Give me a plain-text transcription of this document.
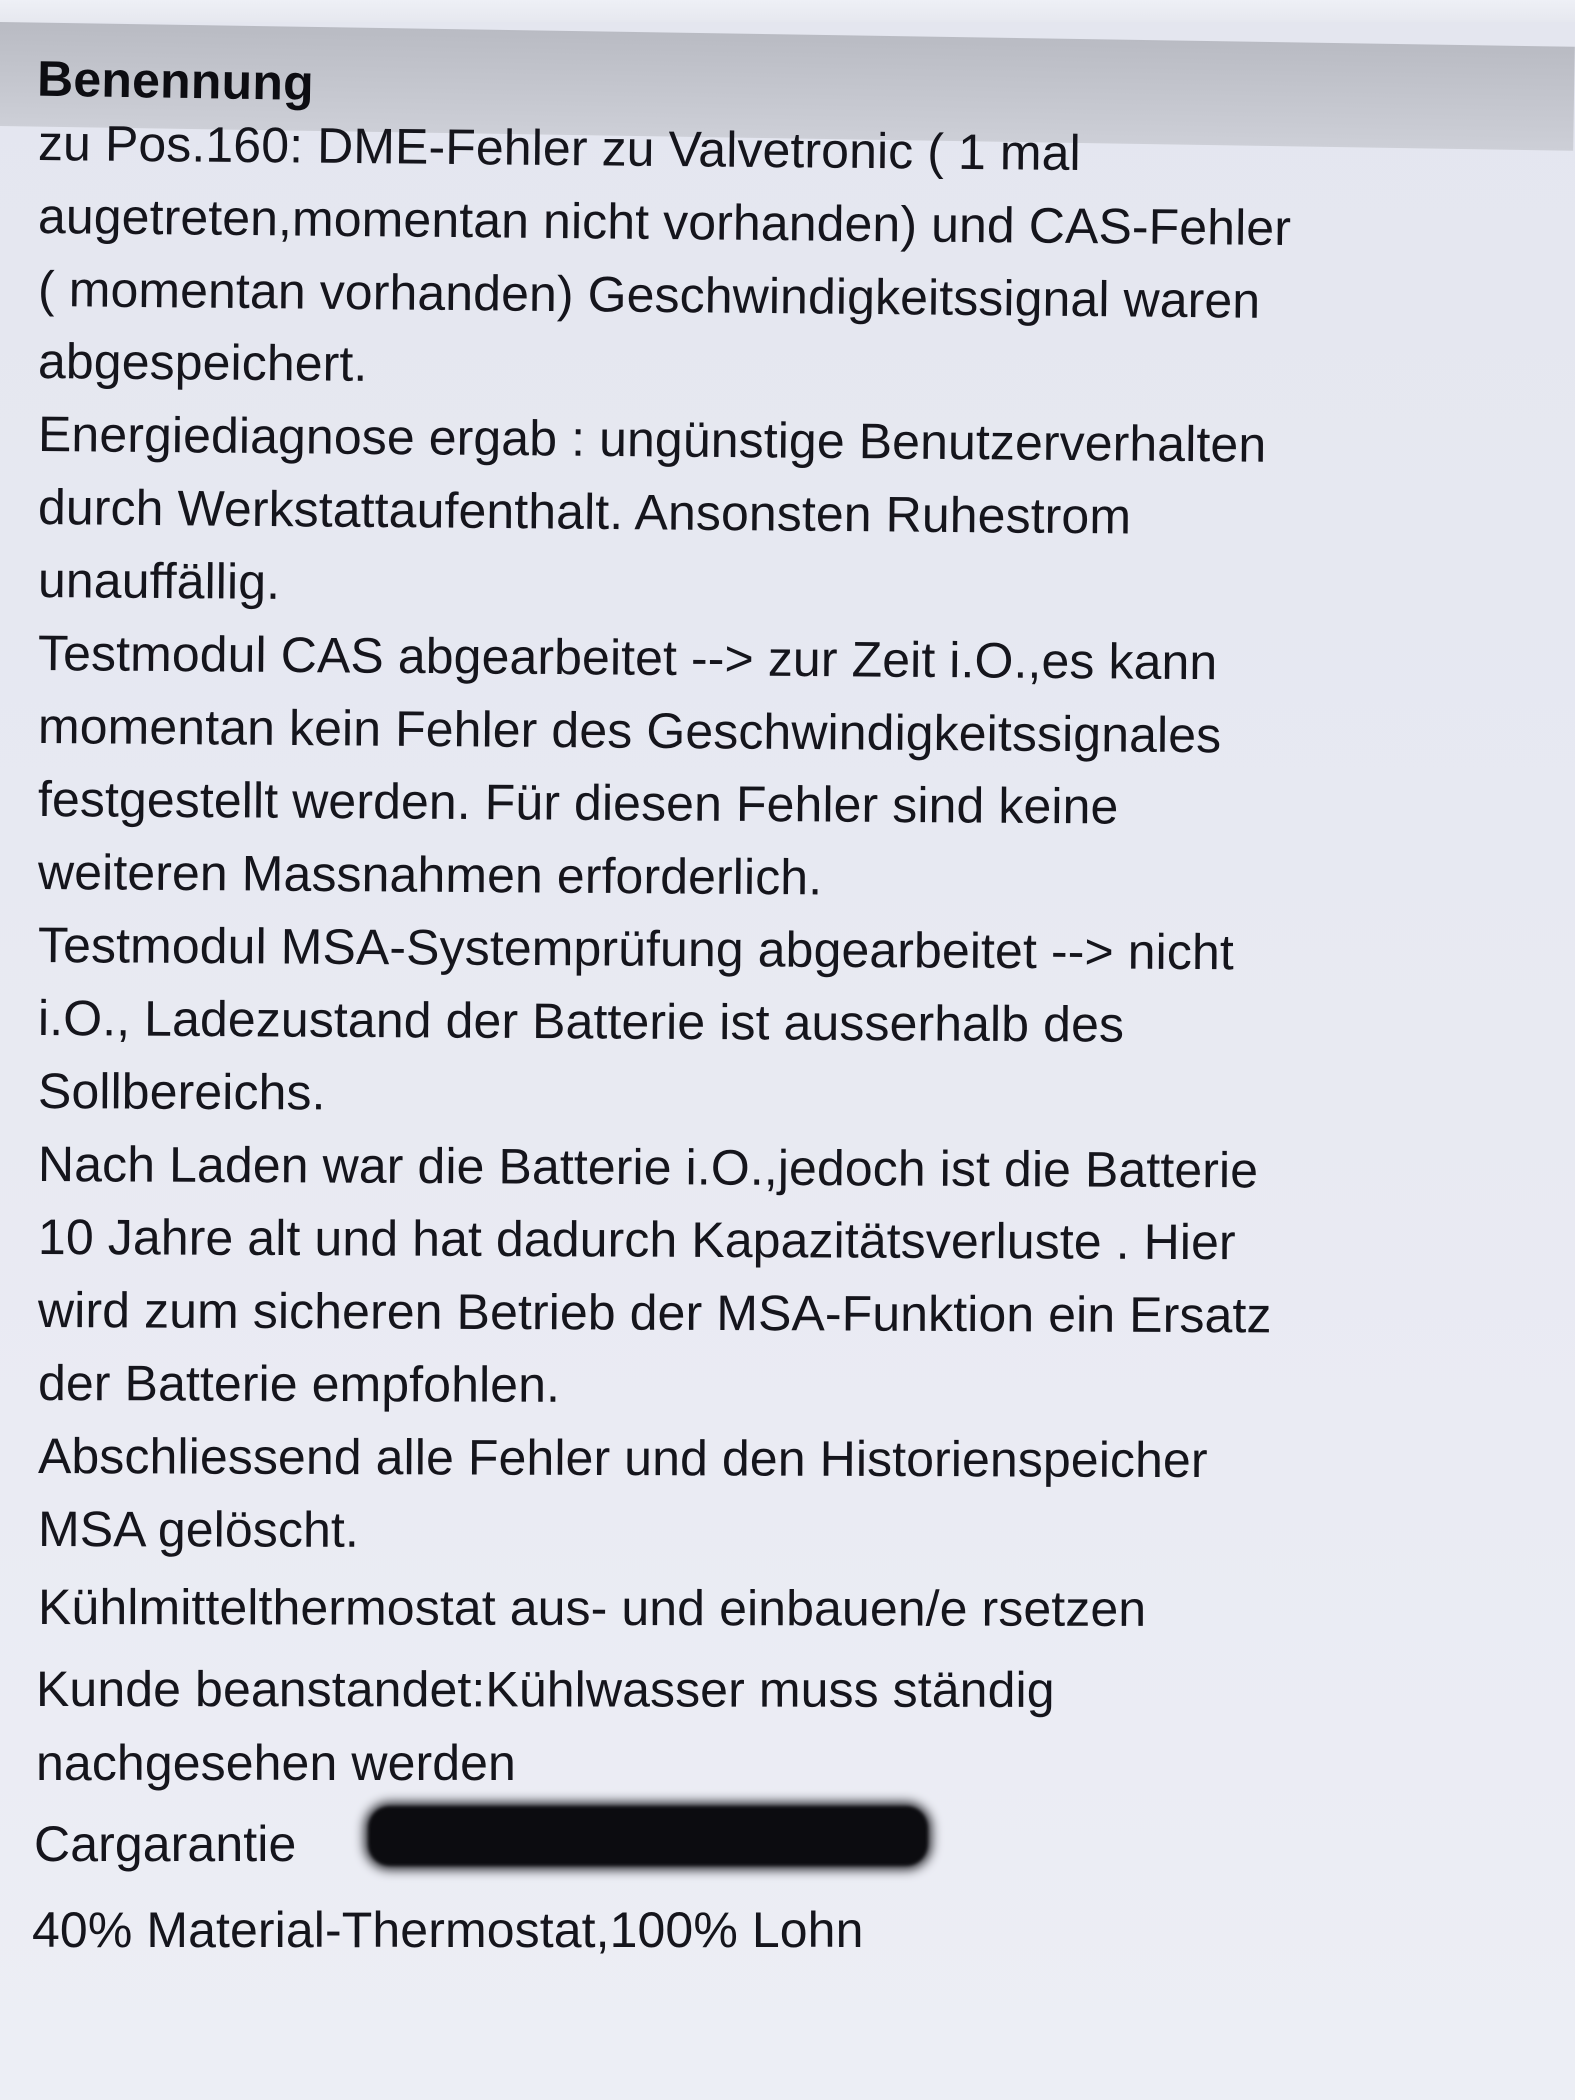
Benennung
zu Pos.160: DME-Fehler zu Valvetronic ( 1 mal
augetreten,momentan nicht vorhanden) und CAS-Fehler
( momentan vorhanden) Geschwindigkeitssignal waren
abgespeichert.
Energiediagnose ergab : ungünstige Benutzerverhalten
durch Werkstattaufenthalt. Ansonsten Ruhestrom
unauffällig.
Testmodul CAS abgearbeitet --> zur Zeit i.O.,es kann
momentan kein Fehler des Geschwindigkeitssignales
festgestellt werden. Für diesen Fehler sind keine
weiteren Massnahmen erforderlich.
Testmodul MSA-Systemprüfung abgearbeitet --> nicht
i.O., Ladezustand der Batterie ist ausserhalb des
Sollbereichs.
Nach Laden war die Batterie i.O.,jedoch ist die Batterie
10 Jahre alt und hat dadurch Kapazitätsverluste . Hier
wird zum sicheren Betrieb der MSA-Funktion ein Ersatz
der Batterie empfohlen.
Abschliessend alle Fehler und den Historienspeicher
MSA gelöscht.
Kühlmittelthermostat aus- und einbauen/e rsetzen
Kunde beanstandet:Kühlwasser muss ständig
nachgesehen werden
Cargarantie
40% Material-Thermostat,100% Lohn
